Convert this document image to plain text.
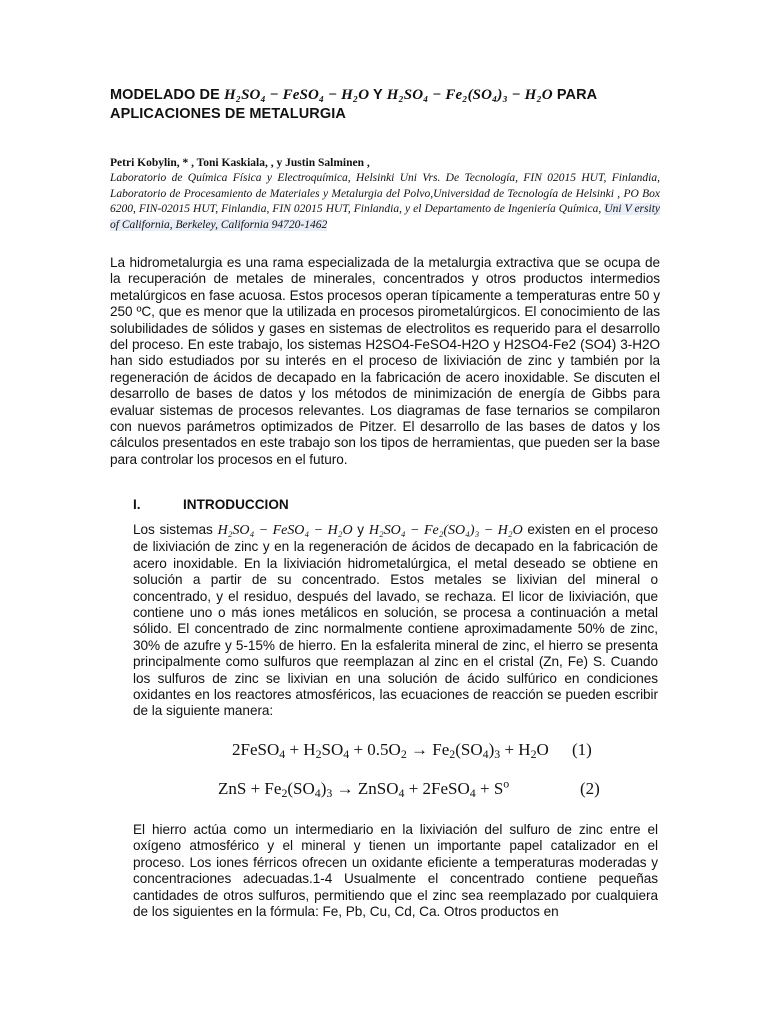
MODELADO DE H₂SO₄ − FeSO₄ − H₂O Y H₂SO₄ − Fe₂(SO₄)₃ − H₂O PARA
APLICACIONES DE METALURGIA

Petri Kobylin, * , Toni Kaskiala, , y Justin Salminen ,

Laboratorio de Química Física y Electroquímica, Helsinki Uni Vrs. De Tecnología, FIN 02015 HUT, Finlandia, Laboratorio de Procesamiento de Materiales y Metalurgia del Polvo,Universidad de Tecnología de Helsinki , PO Box 6200, FIN-02015 HUT, Finlandia, FIN 02015 HUT, Finlandia, y el Departamento de Ingeniería Química, Uni V ersity of California, Berkeley, California 94720-1462

La hidrometalurgia es una rama especializada de la metalurgia extractiva que se ocupa de la recuperación de metales de minerales, concentrados y otros productos intermedios metalúrgicos en fase acuosa. Estos procesos operan típicamente a temperaturas entre 50 y 250 ºC, que es menor que la utilizada en procesos pirometalúrgicos. El conocimiento de las solubilidades de sólidos y gases en sistemas de electrolitos es requerido para el desarrollo del proceso. En este trabajo, los sistemas H2SO4-FeSO4-H2O y H2SO4-Fe2 (SO4) 3-H2O han sido estudiados por su interés en el proceso de lixiviación de zinc y también por la regeneración de ácidos de decapado en la fabricación de acero inoxidable. Se discuten el desarrollo de bases de datos y los métodos de minimización de energía de Gibbs para evaluar sistemas de procesos relevantes. Los diagramas de fase ternarios se compilaron con nuevos parámetros optimizados de Pitzer. El desarrollo de las bases de datos y los cálculos presentados en este trabajo son los tipos de herramientas, que pueden ser la base para controlar los procesos en el futuro.

I.	INTRODUCCION

Los sistemas H₂SO₄ − FeSO₄ − H₂O y H₂SO₄ − Fe₂(SO₄)₃ − H₂O existen en el proceso de lixiviación de zinc y en la regeneración de ácidos de decapado en la fabricación de acero inoxidable. En la lixiviación hidrometalúrgica, el metal deseado se obtiene en solución a partir de su concentrado. Estos metales se lixivian del mineral o concentrado, y el residuo, después del lavado, se rechaza. El licor de lixiviación, que contiene uno o más iones metálicos en solución, se procesa a continuación a metal sólido. El concentrado de zinc normalmente contiene aproximadamente 50% de zinc, 30% de azufre y 5-15% de hierro. En la esfalerita mineral de zinc, el hierro se presenta principalmente como sulfuros que reemplazan al zinc en el cristal (Zn, Fe) S. Cuando los sulfuros de zinc se lixivian en una solución de ácido sulfúrico en condiciones oxidantes en los reactores atmosféricos, las ecuaciones de reacción se pueden escribir de la siguiente manera:

2FeSO$_4$ + $H_2SO_4 + 0.5O_2 \to Fe_2(SO_4)_3 + H_2O$ (1)
ZnS + $Fe_2(SO_4)_3$ → ZnSO$_4$ + 2FeSO$_4$ + $S^o$	(2)

El hierro actúa como un intermediario en la lixiviación del sulfuro de zinc entre el oxígeno atmosférico y el mineral y tienen un importante papel catalizador en el proceso. Los iones férricos ofrecen un oxidante eficiente a temperaturas moderadas y concentraciones adecuadas.1-4 Usualmente el concentrado contiene pequeñas cantidades de otros sulfuros, permitiendo que el zinc sea reemplazado por cualquiera de los siguientes en la fórmula: Fe, Pb, Cu, Cd, Ca. Otros productos en
